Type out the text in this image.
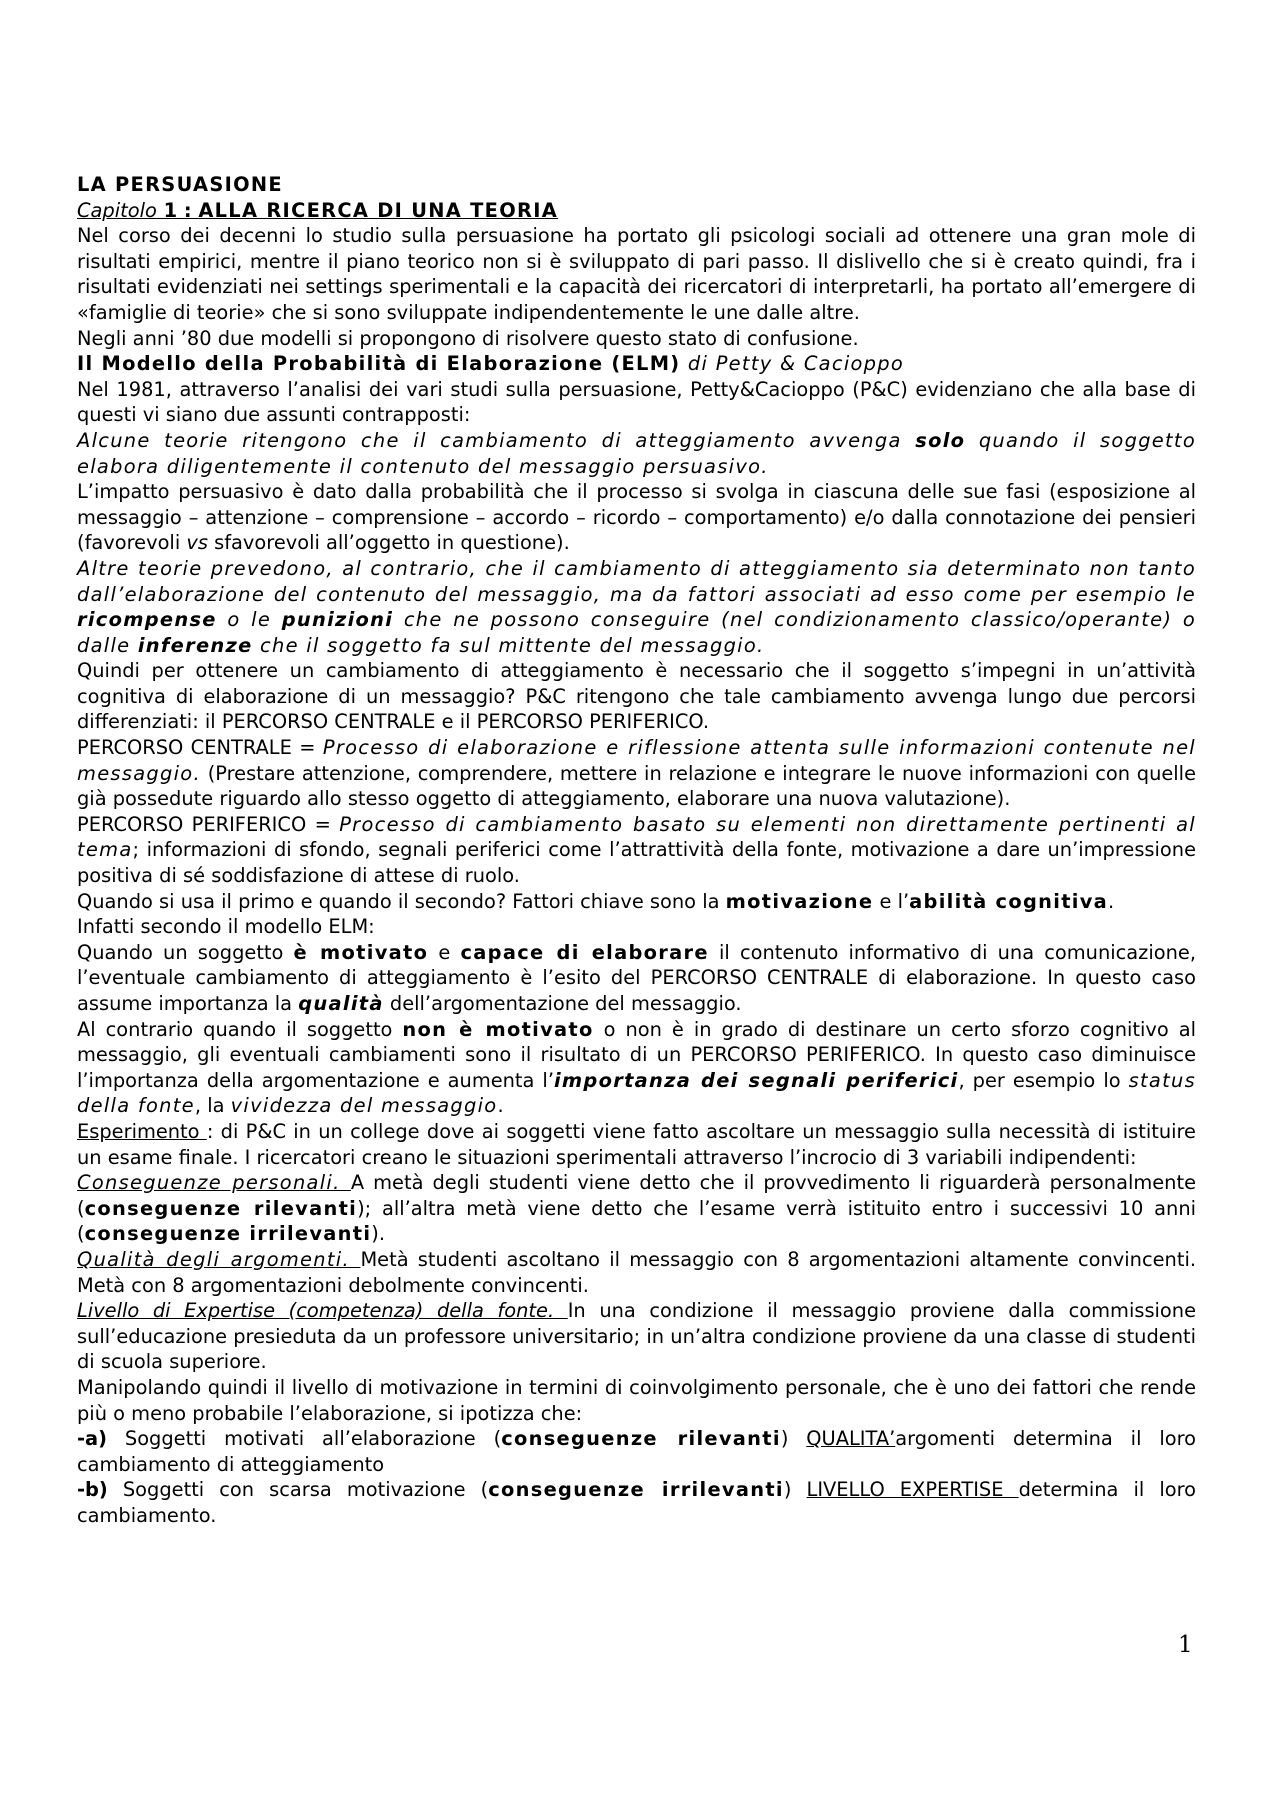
LA PERSUASIONE

Capitolo 1 : ALLA RICERCA DI UNA TEORIA

Nel corso dei decenni lo studio sulla persuasione ha portato gli psicologi sociali ad ottenere una gran mole di risultati empirici, mentre il piano teorico non si è sviluppato di pari passo. Il dislivello che si è creato quindi, fra i risultati evidenziati nei settings sperimentali e la capacità dei ricercatori di interpretarli, ha portato all’emergere di «famiglie di teorie» che si sono sviluppate indipendentemente le une dalle altre.

Negli anni ’80 due modelli si propongono di risolvere questo stato di confusione.

Il Modello della Probabilità di Elaborazione (ELM) di Petty & Cacioppo

Nel 1981, attraverso l’analisi dei vari studi sulla persuasione, Petty&Cacioppo (P&C) evidenziano che alla base di questi vi siano due assunti contrapposti:

Alcune teorie ritengono che il cambiamento di atteggiamento avvenga solo quando il soggetto elabora diligentemente il contenuto del messaggio persuasivo.

L’impatto persuasivo è dato dalla probabilità che il processo si svolga in ciascuna delle sue fasi (esposizione al messaggio – attenzione – comprensione – accordo – ricordo – comportamento) e/o dalla connotazione dei pensieri (favorevoli vs sfavorevoli all’oggetto in questione).

Altre teorie prevedono, al contrario, che il cambiamento di atteggiamento sia determinato non tanto dall’elaborazione del contenuto del messaggio, ma da fattori associati ad esso come per esempio le ricompense o le punizioni che ne possono conseguire (nel condizionamento classico/operante) o dalle inferenze che il soggetto fa sul mittente del messaggio.

Quindi per ottenere un cambiamento di atteggiamento è necessario che il soggetto s’impegni in un’attività cognitiva di elaborazione di un messaggio? P&C ritengono che tale cambiamento avvenga lungo due percorsi differenziati: il PERCORSO CENTRALE e il PERCORSO PERIFERICO.

PERCORSO CENTRALE = Processo di elaborazione e riflessione attenta sulle informazioni contenute nel messaggio. (Prestare attenzione, comprendere, mettere in relazione e integrare le nuove informazioni con quelle già possedute riguardo allo stesso oggetto di atteggiamento, elaborare una nuova valutazione).

PERCORSO PERIFERICO = Processo di cambiamento basato su elementi non direttamente pertinenti al tema; informazioni di sfondo, segnali periferici come l’attrattività della fonte, motivazione a dare un’impressione positiva di sé soddisfazione di attese di ruolo.

Quando si usa il primo e quando il secondo? Fattori chiave sono la motivazione e l’abilità cognitiva.

Infatti secondo il modello ELM:

Quando un soggetto è motivato e capace di elaborare il contenuto informativo di una comunicazione, l’eventuale cambiamento di atteggiamento è l’esito del PERCORSO CENTRALE di elaborazione. In questo caso assume importanza la qualità dell’argomentazione del messaggio.

Al contrario quando il soggetto non è motivato o non è in grado di destinare un certo sforzo cognitivo al messaggio, gli eventuali cambiamenti sono il risultato di un PERCORSO PERIFERICO. In questo caso diminuisce l’importanza della argomentazione e aumenta l’importanza dei segnali periferici, per esempio lo status della fonte, la vividezza del messaggio.

Esperimento : di P&C in un college dove ai soggetti viene fatto ascoltare un messaggio sulla necessità di istituire un esame finale. I ricercatori creano le situazioni sperimentali attraverso l’incrocio di 3 variabili indipendenti:

Conseguenze personali. A metà degli studenti viene detto che il provvedimento li riguarderà personalmente (conseguenze rilevanti); all’altra metà viene detto che l’esame verrà istituito entro i successivi 10 anni (conseguenze irrilevanti).

Qualità degli argomenti. Metà studenti ascoltano il messaggio con 8 argomentazioni altamente convincenti. Metà con 8 argomentazioni debolmente convincenti.

Livello di Expertise (competenza) della fonte. In una condizione il messaggio proviene dalla commissione sull’educazione presieduta da un professore universitario; in un’altra condizione proviene da una classe di studenti di scuola superiore.

Manipolando quindi il livello di motivazione in termini di coinvolgimento personale, che è uno dei fattori che rende più o meno probabile l’elaborazione, si ipotizza che:

-a) Soggetti motivati all’elaborazione (conseguenze rilevanti) QUALITA’argomenti determina il loro cambiamento di atteggiamento

-b) Soggetti con scarsa motivazione (conseguenze irrilevanti) LIVELLO EXPERTISE determina il loro cambiamento.

1
